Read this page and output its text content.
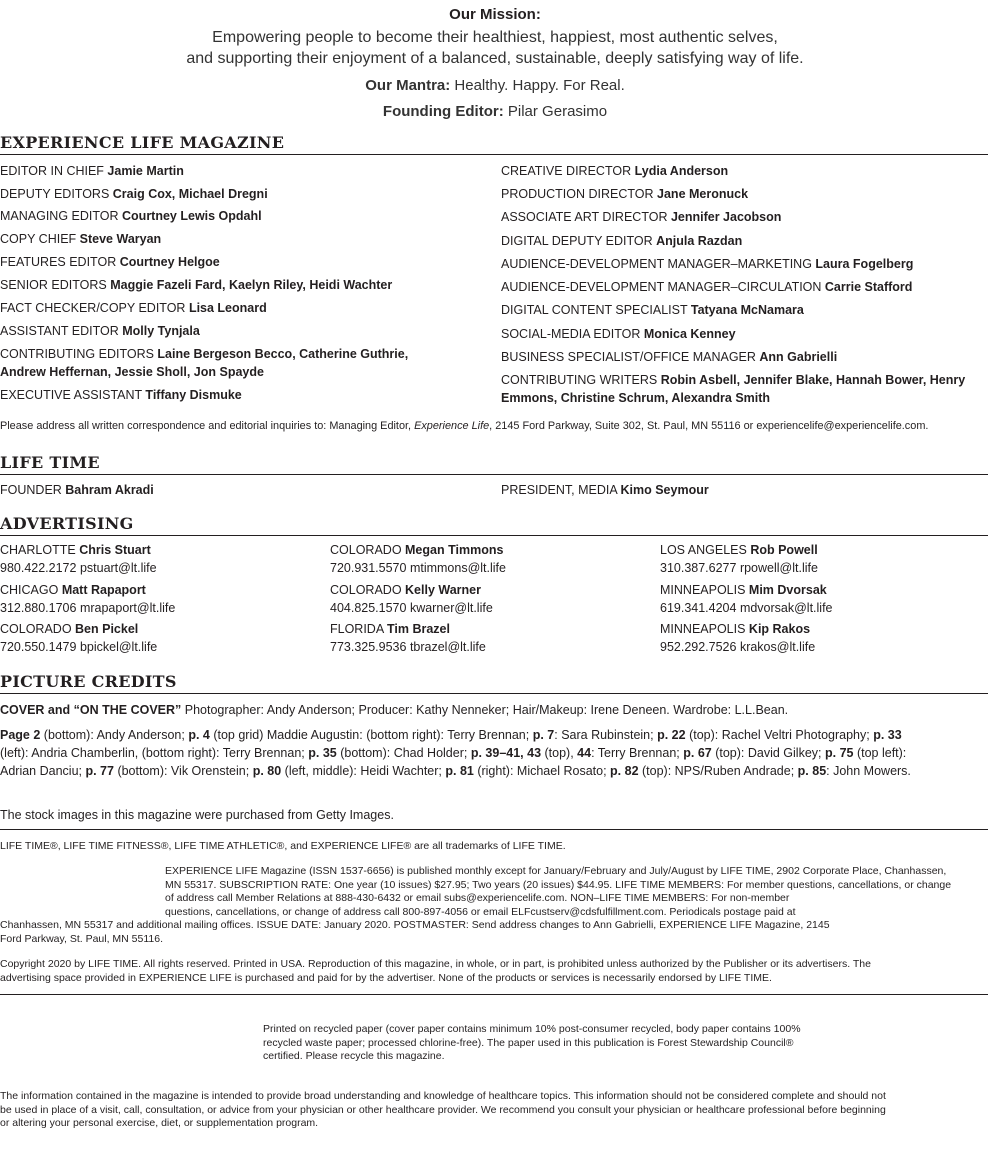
Our Mission:
Empowering people to become their healthiest, happiest, most authentic selves,
and supporting their enjoyment of a balanced, sustainable, deeply satisfying way of life.
Our Mantra: Healthy. Happy. For Real.
Founding Editor: Pilar Gerasimo
EXPERIENCE LIFE MAGAZINE
EDITOR IN CHIEF Jamie Martin
DEPUTY EDITORS Craig Cox, Michael Dregni
MANAGING EDITOR Courtney Lewis Opdahl
COPY CHIEF Steve Waryan
FEATURES EDITOR Courtney Helgoe
SENIOR EDITORS Maggie Fazeli Fard, Kaelyn Riley, Heidi Wachter
FACT CHECKER/COPY EDITOR Lisa Leonard
ASSISTANT EDITOR Molly Tynjala
CONTRIBUTING EDITORS Laine Bergeson Becco, Catherine Guthrie,
Andrew Heffernan, Jessie Sholl, Jon Spayde
EXECUTIVE ASSISTANT Tiffany Dismuke
CREATIVE DIRECTOR Lydia Anderson
PRODUCTION DIRECTOR Jane Meronuck
ASSOCIATE ART DIRECTOR Jennifer Jacobson
DIGITAL DEPUTY EDITOR Anjula Razdan
AUDIENCE-DEVELOPMENT MANAGER–MARKETING Laura Fogelberg
AUDIENCE-DEVELOPMENT MANAGER–CIRCULATION Carrie Stafford
DIGITAL CONTENT SPECIALIST Tatyana McNamara
SOCIAL-MEDIA EDITOR Monica Kenney
BUSINESS SPECIALIST/OFFICE MANAGER Ann Gabrielli
CONTRIBUTING WRITERS Robin Asbell, Jennifer Blake, Hannah Bower, Henry
Emmons, Christine Schrum, Alexandra Smith
Please address all written correspondence and editorial inquiries to: Managing Editor, Experience Life, 2145 Ford Parkway, Suite 302, St. Paul, MN 55116 or experiencelife@experiencelife.com.
LIFE TIME
FOUNDER Bahram Akradi	PRESIDENT, MEDIA Kimo Seymour
ADVERTISING
CHARLOTTE Chris Stuart
980.422.2172 pstuart@lt.life
COLORADO Megan Timmons
720.931.5570 mtimmons@lt.life
LOS ANGELES Rob Powell
310.387.6277 rpowell@lt.life
CHICAGO Matt Rapaport
312.880.1706 mrapaport@lt.life
COLORADO Kelly Warner
404.825.1570 kwarner@lt.life
MINNEAPOLIS Mim Dvorsak
619.341.4204 mdvorsak@lt.life
COLORADO Ben Pickel
720.550.1479 bpickel@lt.life
FLORIDA Tim Brazel
773.325.9536 tbrazel@lt.life
MINNEAPOLIS Kip Rakos
952.292.7526 krakos@lt.life
PICTURE CREDITS
COVER and “ON THE COVER” Photographer: Andy Anderson; Producer: Kathy Nenneker; Hair/Makeup: Irene Deneen. Wardrobe: L.L.Bean.
Page 2 (bottom): Andy Anderson; p. 4 (top grid) Maddie Augustin: (bottom right): Terry Brennan; p. 7: Sara Rubinstein; p. 22 (top): Rachel Veltri Photography; p. 33 (left): Andria Chamberlin, (bottom right): Terry Brennan; p. 35 (bottom): Chad Holder; p. 39–41, 43 (top), 44: Terry Brennan; p. 67 (top): David Gilkey; p. 75 (top left): Adrian Danciu; p. 77 (bottom): Vik Orenstein; p. 80 (left, middle): Heidi Wachter; p. 81 (right): Michael Rosato; p. 82 (top): NPS/Ruben Andrade; p. 85: John Mowers.
The stock images in this magazine were purchased from Getty Images.
LIFE TIME®, LIFE TIME FITNESS®, LIFE TIME ATHLETIC®, and EXPERIENCE LIFE® are all trademarks of LIFE TIME.
EXPERIENCE LIFE Magazine (ISSN 1537-6656) is published monthly except for January/February and July/August by LIFE TIME, 2902 Corporate Place, Chanhassen,
MN 55317. SUBSCRIPTION RATE: One year (10 issues) $27.95; Two years (20 issues) $44.95. LIFE TIME MEMBERS: For member questions, cancellations, or change
of address call Member Relations at 888-430-6432 or email subs@experiencelife.com. NON–LIFE TIME MEMBERS: For non-member
questions, cancellations, or change of address call 800-897-4056 or email ELFcustserv@cdsfulfillment.com. Periodicals postage paid at
Chanhassen, MN 55317 and additional mailing offices. ISSUE DATE: January 2020. POSTMASTER: Send address changes to Ann Gabrielli, EXPERIENCE LIFE Magazine, 2145
Ford Parkway, St. Paul, MN 55116.
Copyright 2020 by LIFE TIME. All rights reserved. Printed in USA. Reproduction of this magazine, in whole, or in part, is prohibited unless authorized by the Publisher or its advertisers. The
advertising space provided in EXPERIENCE LIFE is purchased and paid for by the advertiser. None of the products or services is necessarily endorsed by LIFE TIME.
Printed on recycled paper (cover paper contains minimum 10% post-consumer recycled, body paper contains 100%
recycled waste paper; processed chlorine-free). The paper used in this publication is Forest Stewardship Council®
certified. Please recycle this magazine.
The information contained in the magazine is intended to provide broad understanding and knowledge of healthcare topics. This information should not be considered complete and should not
be used in place of a visit, call, consultation, or advice from your physician or other healthcare provider. We recommend you consult your physician or healthcare professional before beginning
or altering your personal exercise, diet, or supplementation program.
